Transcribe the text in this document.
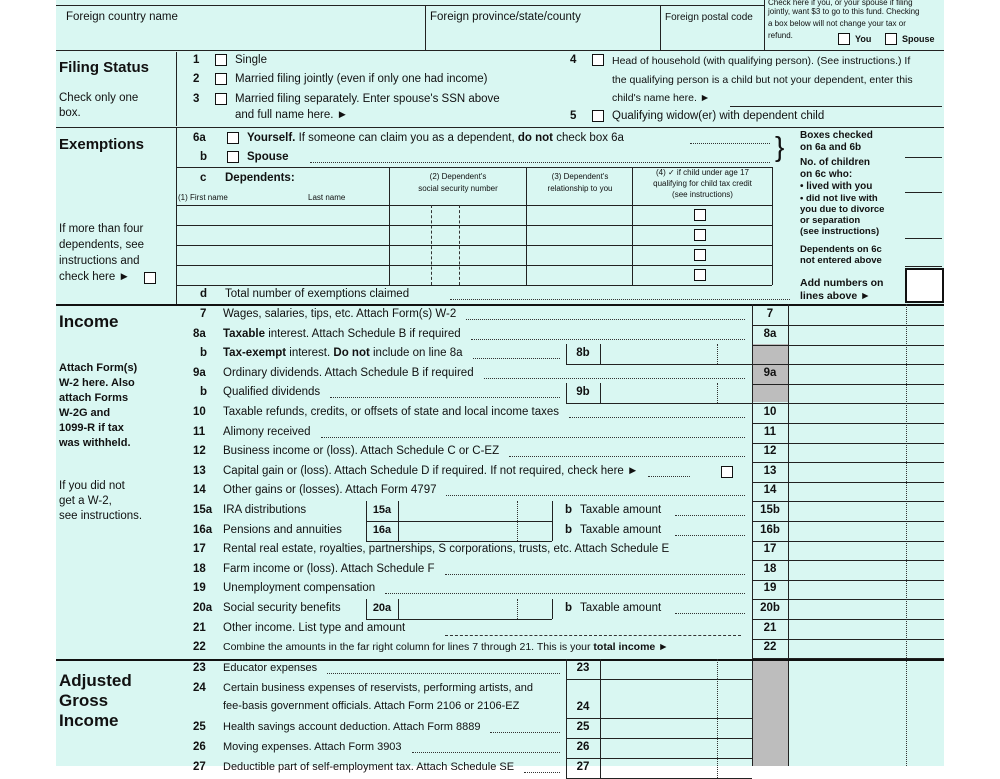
Foreign country name	Foreign province/state/county	Foreign postal code
Check here if you, or your spouse if filing
jointly, want $3 to go to this fund. Checking
a box below will not change your tax or
refund.	You	Spouse
Filing Status
Check only one
box.
1	Single
2	Married filing jointly (even if only one had income)
3	Married filing separately. Enter spouse's SSN above
and full name here. ►
4	Head of household (with qualifying person). (See instructions.) If
the qualifying person is a child but not your dependent, enter this
child's name here. ►
5	Qualifying widow(er) with dependent child
Exemptions	6a	Yourself. If someone can claim you as a dependent, do not check box 6a
b	Spouse	}
c Dependents:
(1) First name	Last name
(2) Dependent's
social security number
(3) Dependent's
relationship to you
(4) ✓ if child under age 17
qualifying for child tax credit
(see instructions)
If more than four
dependents, see
instructions and
check here ►
d Total number of exemptions claimed
Boxes checked
on 6a and 6b
No. of children
on 6c who:
• lived with you
• did not live with
you due to divorce
or separation
(see instructions)
Dependents on 6c
not entered above
Add numbers on
lines above ►
Income
Attach Form(s)
W-2 here. Also
attach Forms
W-2G and
1099-R if tax
was withheld.
If you did not
get a W-2,
see instructions.
7 Wages, salaries, tips, etc. Attach Form(s) W-2	7
8a Taxable interest. Attach Schedule B if required	8a
b Tax-exempt interest. Do not include on line 8a	8b
9a Ordinary dividends. Attach Schedule B if required	9a
b Qualified dividends	9b
10 Taxable refunds, credits, or offsets of state and local income taxes	10
11 Alimony received	11
12 Business income or (loss). Attach Schedule C or C-EZ	12
13 Capital gain or (loss). Attach Schedule D if required. If not required, check here ►	13
14 Other gains or (losses). Attach Form 4797	14
15a IRA distributions	15a	b Taxable amount	15b
16a Pensions and annuities	16a	b Taxable amount	16b
17 Rental real estate, royalties, partnerships, S corporations, trusts, etc. Attach Schedule E	17
18 Farm income or (loss). Attach Schedule F	18
19 Unemployment compensation	19
20a Social security benefits	20a	b Taxable amount	20b
21 Other income. List type and amount	21
22 Combine the amounts in the far right column for lines 7 through 21. This is your total income ►	22
Adjusted
Gross
Income
23 Educator expenses	23
24 Certain business expenses of reservists, performing artists, and
fee-basis government officials. Attach Form 2106 or 2106-EZ	24
25 Health savings account deduction. Attach Form 8889	25
26 Moving expenses. Attach Form 3903	26
27 Deductible part of self-employment tax. Attach Schedule SE	27
